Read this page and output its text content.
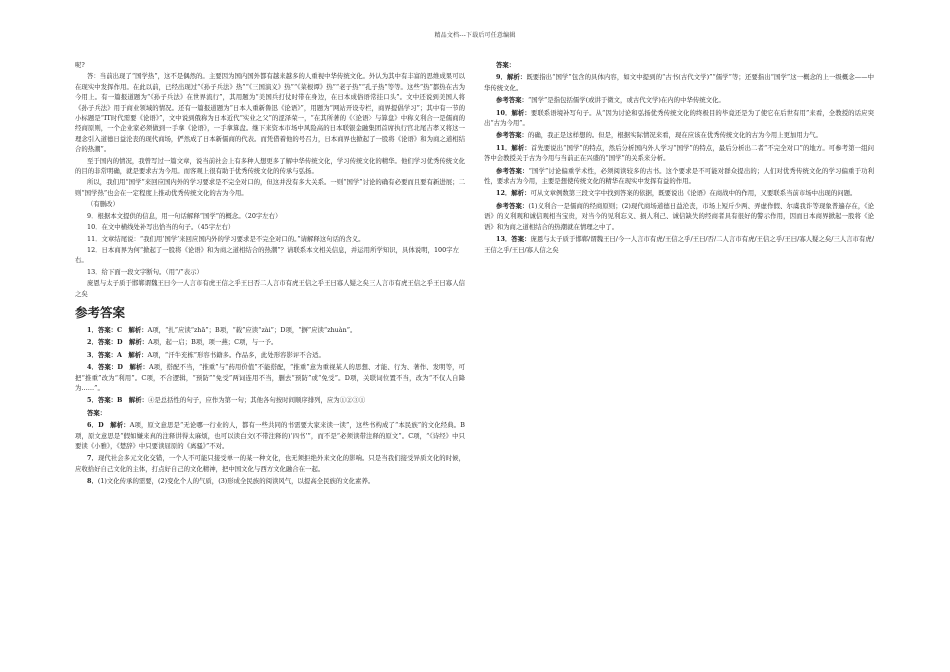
精品文档---下载后可任意编辑

呢?

答：当前出现了“国学热”，这不是偶然的。主要因为国内国外都有越来越多的人重视中华传统文化。外认为其中有丰富的思维成果可以在现实中发挥作用。在此以前，已经出现过“《孙子兵法》热”“《三国演义》热”“《菜根谭》热”“老子热”“孔子热”等等。这些“热”都热在古为今用上。有一篇报道题为“《孙子兵法》在世界流行”，其用题为“美国兵打仗时带在身边，在日本成俗语常挂口头”。文中还说到美国人将《孙子兵法》用于商业领域的情况。还有一篇报道题为“日本人重新鲁迅《论语》”，用题为“网站开设专栏，商界提倡学习”；其中有一节的小标题是“IT时代需要《论语》”，文中说到俄称为日本近代“实业之父”的涩泽荣一，“在其所著的《〈论语〉与算盘》中称义利合一是儒商的经商原则，一个企业家必须做到一手拿《论语》，一手拿算盘。继下来资本市场中风险高的日本联银金融集团首席执行官北尾吉孝又将这一理念引入道德日益沦丧的现代商场，俨然成了日本新儒商的代表。而凭借着他的号召力，日本商界也掀起了一股将《论语》和为商之道相结合的热潮”。

至于国内的情况，我曾写过一篇文章，说当前社会上有多种人想更多了解中华传统文化，学习传统文化的精华。他们学习优秀传统文化的目的非常明确，就是要求古为今用。而客观上很有助于优秀传统文化的传承与弘扬。

所以，我们用“国学”来回应国内外的学习要求是不完全对口的，但这并没有多大关系。一则“国学”讨论的确有必要而且要有新进展；二则“国学热”也会在一定程度上推动优秀传统文化的古为今用。

（有删改）

9．根据本文提供的信息，用一句话解释“国学”的概念。（20字左右）

10．在文中横线处补写出恰当的句子。（45字左右）

11．文章结尾说：“我们用‘国学’来回应国内外的学习要求是不完全对口的。”请解释这句话的含义。

12．日本商界为何“掀起了一股将《论语》和为商之道相结合的热潮”？请联系本文相关信息，并运用所学知识，具体说明，100字左右。

13．给下面一段文字断句。（用“/”表示）

庞恩与太子质于邯郸谓魏王曰今一人言市有虎王信之乎王曰否二人言市有虎王信之乎王曰寡人疑之矣三人言市有虎王信之乎王曰寡人信之矣

参考答案

1．答案：C　解析：A项，“扎”应读“zhā”；B项，“载”应读“zài”；D项，“摒”应读“zhuàn”。

2．答案：D　解析：A项，起一启；B项，项一燕；C项，与一予。

3．答案：A　解析：A项，“汗牛充栋”形容书籍多。作品多，此处形容影评不合适。

4．答案：D　解析：A项，搭配不当，“推重”与“药用价值”不能搭配，“推重”意为重视某人的思想、才能、行为、著作、发明等，可把“推重”改为“利用”。C项，不合逻辑，“预防”“免受”两词连用不当，删去“预防”或“免受”。D项，关联词位置不当，改为“不仅人自降为……”。

5．答案：B　解析：④是总括性的句子，应作为第一句；其他各句按时间顺序排列，应为①②③①

答案：

6．D　解析：A项，原文意思是“无论哪一行业的人，都有一些共同的书需要大家来读一读”，这些书构成了“本民族”的文化经典。B项，原文意思是“假如嫌来真的注释讲得太麻烦，也可以读白文(不带注释的)‘四书’”，而不是“必须读带注释的原文”。C项，“《诗经》中只要读《小雅》，《楚辞》中只要读屈原的《离骚》”不对。

7．现代社会多元文化交错，一个人不可能只接受单一的某一种文化，也无须拒绝外来文化的影响。只是当我们接受异质文化的时候，应收拾好自己文化的主体，打点好自己的文化精神，把中国文化与西方文化融合在一起。

8．(1)文化传承的需要，(2)变化个人的气质，(3)形成全民族的阅读风气，以提高全民族的文化素养。

答案：

9．解析：既要指出“国学”包含的具体内容，如文中提到的“古书(古代文学)”“儒学”等；还要指出“国学”这一概念的上一级概念——中华传统文化。

参考答案：“国学”是指包括儒学(或讲于微文，或古代文学)在内的中华传统文化。

10．解析：要联系语境补写句子。从“因为讨论和弘扬优秀传统文化的终极目的毕竟还是为了使它在后世有用”来看，全教授的话应突出“古为今用”。

参考答案：的确，我正是这样想的。但是，根据实际情况来看，现在应该在优秀传统文化的古为今用上更加用力气。

11．解析：首先要说出“国学”的特点，然后分析国内外人学习“国学”的特点，最后分析出二者“不完全对口”的地方。可参考第一组问答中会教授关于古为今用与当前正在兴盛的“国学”的关系来分析。

参考答案：“国学”讨论偏重学术性，必须阅读较多的古书。这个要求是不可能对群众提出的；人们对优秀传统文化的学习偏重于功利性，要求古为今用，主要是想使传统文化的精华在现实中发挥有益的作用。

12．解析：可从文章例数第三段文字中找到答案的依据，既要说出《论语》在商战中的作用，又要联系当前市场中出现的问题。

参考答案：(1)义利合一是儒商的经商原则；(2)现代商场道德日益沦丧，市场上短斤少两、弄虚作假、尔虞我诈等现象普遍存在，《论语》的义利观和诚信观相当宝贵，对当今的见利忘义、损人利己、诚信缺失的经商者具有很好的警示作用，因而日本商界掀起一股将《论语》和为商之道相结合的热潮就在情理之中了。

13．答案：庞恩与太子质于邯郸/谓魏王曰/今一人言市有虎/王信之乎/王曰/否/二人言市有虎/王信之乎/王曰/寡人疑之矣/三人言市有虎/王信之乎/王曰/寡人信之矣
